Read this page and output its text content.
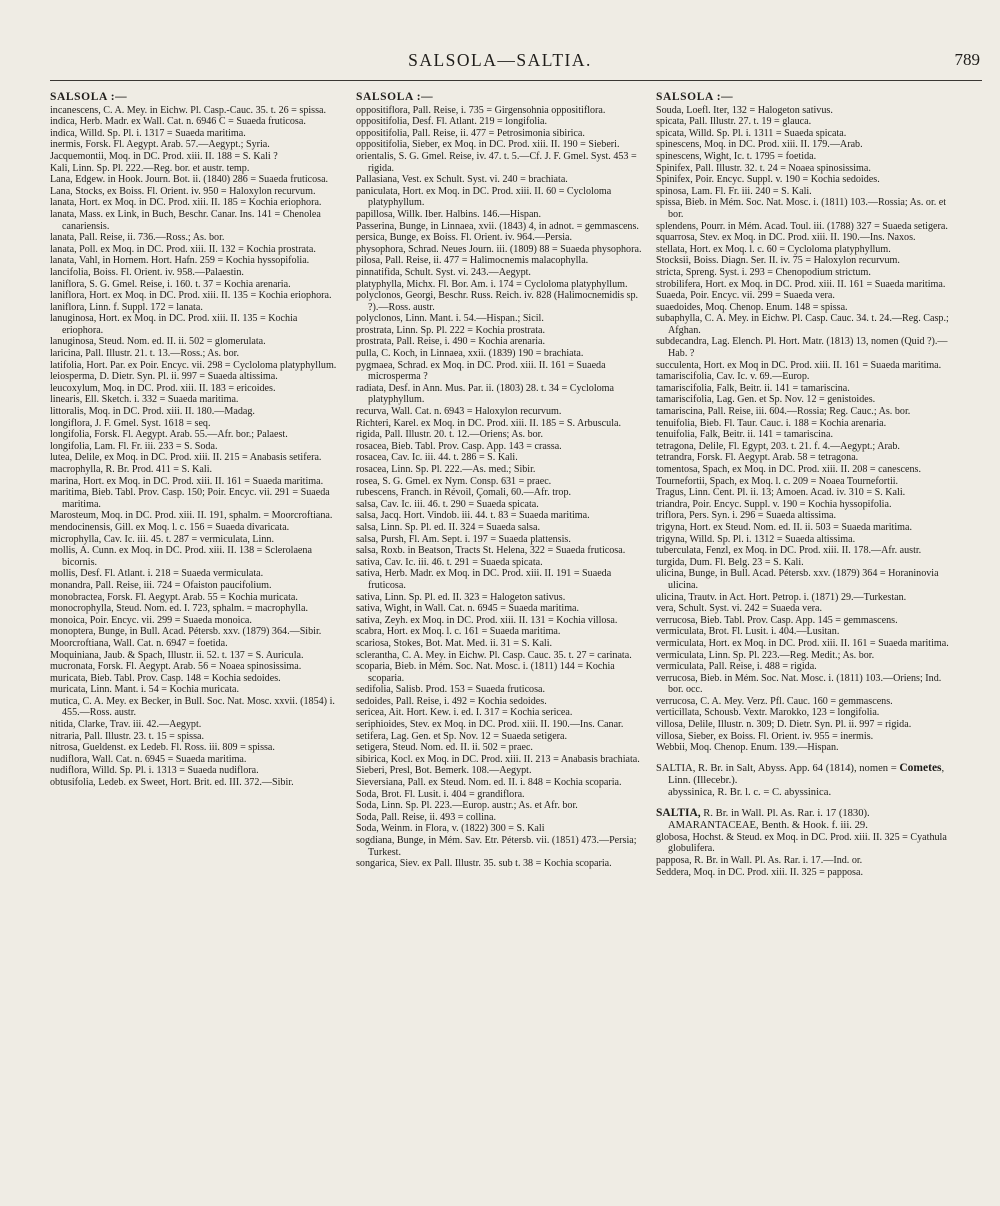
SALSOLA—SALTIA.	789
SALSOLA :—
incanescens, C. A. Mey. in Eichw. Pl. Casp.-Cauc. 35. t. 26 = spissa.
indica, Herb. Madr. ex Wall. Cat. n. 6946 C = Suaeda fruticosa.
indica, Willd. Sp. Pl. i. 1317 = Suaeda maritima.
inermis, Forsk. Fl. Aegypt. Arab. 57.—Aegypt.; Syria.
Jacquemontii, Moq. in DC. Prod. xiii. II. 188 = S. Kali ?
Kali, Linn. Sp. Pl. 222.—Reg. bor. et austr. temp.
Lana, Edgew. in Hook. Journ. Bot. ii. (1840) 286 = Suaeda fruticosa.
Lana, Stocks, ex Boiss. Fl. Orient. iv. 950 = Haloxylon recurvum.
lanata, Hort. ex Moq. in DC. Prod. xiii. II. 185 = Kochia eriophora.
lanata, Mass. ex Link, in Buch, Beschr. Canar. Ins. 141 = Chenolea canariensis.
lanata, Pall. Reise, ii. 736.—Ross.; As. bor.
lanata, Poll. ex Moq. in DC. Prod. xiii. II. 132 = Kochia prostrata.
lanata, Vahl, in Hornem. Hort. Hafn. 259 = Kochia hyssopifolia.
lancifolia, Boiss. Fl. Orient. iv. 958.—Palaestin.
laniflora, S. G. Gmel. Reise, i. 160. t. 37 = Kochia arenaria.
laniflora, Hort. ex Moq. in DC. Prod. xiii. II. 135 = Kochia eriophora.
laniflora, Linn. f. Suppl. 172 = lanata.
lanuginosa, Hort. ex Moq. in DC. Prod. xiii. II. 135 = Kochia eriophora.
lanuginosa, Steud. Nom. ed. II. ii. 502 = glomerulata.
laricina, Pall. Illustr. 21. t. 13.—Ross.; As. bor.
latifolia, Hort. Par. ex Poir. Encyc. vii. 298 = Cycloloma platyphyllum.
leiosperma, D. Dietr. Syn. Pl. ii. 997 = Suaeda altissima.
leucoxylum, Moq. in DC. Prod. xiii. II. 183 = ericoides.
linearis, Ell. Sketch. i. 332 = Suaeda maritima.
littoralis, Moq. in DC. Prod. xiii. II. 180.—Madag.
longiflora, J. F. Gmel. Syst. 1618 = seq.
longifolia, Forsk. Fl. Aegypt. Arab. 55.—Afr. bor.; Palaest.
longifolia, Lam. Fl. Fr. iii. 233 = S. Soda.
lutea, Delile, ex Moq. in DC. Prod. xiii. II. 215 = Anabasis setifera.
macrophylla, R. Br. Prod. 411 = S. Kali.
marina, Hort. ex Moq. in DC. Prod. xiii. II. 161 = Suaeda maritima.
maritima, Bieb. Tabl. Prov. Casp. 150; Poir. Encyc. vii. 291 = Suaeda maritima.
Marosteum, Moq. in DC. Prod. xiii. II. 191, sphalm. = Moorcroftiana.
mendocinensis, Gill. ex Moq. l. c. 156 = Suaeda divaricata.
microphylla, Cav. Ic. iii. 45. t. 287 = vermiculata, Linn.
mollis, A. Cunn. ex Moq. in DC. Prod. xiii. II. 138 = Sclerolaena bicornis.
mollis, Desf. Fl. Atlant. i. 218 = Suaeda vermiculata.
monandra, Pall. Reise, iii. 724 = Ofaiston paucifolium.
monobractea, Forsk. Fl. Aegypt. Arab. 55 = Kochia muricata.
monocrophylla, Steud. Nom. ed. I. 723, sphalm. = macrophylla.
monoica, Poir. Encyc. vii. 299 = Suaeda monoica.
monoptera, Bunge, in Bull. Acad. Pétersb. xxv. (1879) 364.—Sibir.
Moorcroftiana, Wall. Cat. n. 6947 = foetida.
Moquiniana, Jaub. & Spach, Illustr. ii. 52. t. 137 = S. Auricula.
mucronata, Forsk. Fl. Aegypt. Arab. 56 = Noaea spinosissima.
muricata, Bieb. Tabl. Prov. Casp. 148 = Kochia sedoides.
muricata, Linn. Mant. i. 54 = Kochia muricata.
mutica, C. A. Mey. ex Becker, in Bull. Soc. Nat. Mosc. xxvii. (1854) i. 455.—Ross. austr.
nitida, Clarke, Trav. iii. 42.—Aegypt.
nitraria, Pall. Illustr. 23. t. 15 = spissa.
nitrosa, Gueldenst. ex Ledeb. Fl. Ross. iii. 809 = spissa.
nudiflora, Wall. Cat. n. 6945 = Suaeda maritima.
nudiflora, Willd. Sp. Pl. i. 1313 = Suaeda nudiflora.
obtusifolia, Ledeb. ex Sweet, Hort. Brit. ed. III. 372.—Sibir.
SALSOLA :—
oppositiflora, Pall. Reise, i. 735 = Girgensohnia oppositiflora.
oppositifolia, Desf. Fl. Atlant. 219 = longifolia.
oppositifolia, Pall. Reise, ii. 477 = Petrosimonia sibirica.
oppositifolia, Sieber, ex Moq. in DC. Prod. xiii. II. 190 = Sieberi.
orientalis, S. G. Gmel. Reise, iv. 47. t. 5.—Cf. J. F. Gmel. Syst. 453 = rigida.
Pallasiana, Vest. ex Schult. Syst. vi. 240 = brachiata.
paniculata, Hort. ex Moq. in DC. Prod. xiii. II. 60 = Cycloloma platyphyllum.
papillosa, Willk. Iber. Halbins. 146.—Hispan.
Passerina, Bunge, in Linnaea, xvii. (1843) 4, in adnot. = gemmascens.
persica, Bunge, ex Boiss. Fl. Orient. iv. 964.—Persia.
physophora, Schrad. Neues Journ. iii. (1809) 88 = Suaeda physophora.
pilosa, Pall. Reise, ii. 477 = Halimocnemis malacophylla.
pinnatifida, Schult. Syst. vi. 243.—Aegypt.
platyphylla, Michx. Fl. Bor. Am. i. 174 = Cycloloma platyphyllum.
polyclonos, Georgi, Beschr. Russ. Reich. iv. 828 (Halimocnemidis sp. ?).—Ross. austr.
polyclonos, Linn. Mant. i. 54.—Hispan.; Sicil.
prostrata, Linn. Sp. Pl. 222 = Kochia prostrata.
prostrata, Pall. Reise, i. 490 = Kochia arenaria.
pulla, C. Koch, in Linnaea, xxii. (1839) 190 = brachiata.
pygmaea, Schrad. ex Moq. in DC. Prod. xiii. II. 161 = Suaeda microsperma ?
radiata, Desf. in Ann. Mus. Par. ii. (1803) 28. t. 34 = Cycloloma platyphyllum.
recurva, Wall. Cat. n. 6943 = Haloxylon recurvum.
Richteri, Karel. ex Moq. in DC. Prod. xiii. II. 185 = S. Arbuscula.
rigida, Pall. Illustr. 20. t. 12.—Oriens; As. bor.
rosacea, Bieb. Tabl. Prov. Casp. App. 143 = crassa.
rosacea, Cav. Ic. iii. 44. t. 286 = S. Kali.
rosacea, Linn. Sp. Pl. 222.—As. med.; Sibir.
rosea, S. G. Gmel. ex Nym. Consp. 631 = praec.
rubescens, Franch. in Révoil, Çomali, 60.—Afr. trop.
salsa, Cav. Ic. iii. 46. t. 290 = Suaeda spicata.
salsa, Jacq. Hort. Vindob. iii. 44. t. 83 = Suaeda maritima.
salsa, Linn. Sp. Pl. ed. II. 324 = Suaeda salsa.
salsa, Pursh, Fl. Am. Sept. i. 197 = Suaeda plattensis.
salsa, Roxb. in Beatson, Tracts St. Helena, 322 = Suaeda fruticosa.
sativa, Cav. Ic. iii. 46. t. 291 = Suaeda spicata.
sativa, Herb. Madr. ex Moq. in DC. Prod. xiii. II. 191 = Suaeda fruticosa.
sativa, Linn. Sp. Pl. ed. II. 323 = Halogeton sativus.
sativa, Wight, in Wall. Cat. n. 6945 = Suaeda maritima.
sativa, Zeyh. ex Moq. in DC. Prod. xiii. II. 131 = Kochia villosa.
scabra, Hort. ex Moq. l. c. 161 = Suaeda maritima.
scariosa, Stokes, Bot. Mat. Med. ii. 31 = S. Kali.
sclerantha, C. A. Mey. in Eichw. Pl. Casp. Cauc. 35. t. 27 = carinata.
scoparia, Bieb. in Mém. Soc. Nat. Mosc. i. (1811) 144 = Kochia scoparia.
sedifolia, Salisb. Prod. 153 = Suaeda fruticosa.
sedoides, Pall. Reise, i. 492 = Kochia sedoides.
sericea, Ait. Hort. Kew. i. ed. I. 317 = Kochia sericea.
seriphioides, Stev. ex Moq. in DC. Prod. xiii. II. 190.—Ins. Canar.
setifera, Lag. Gen. et Sp. Nov. 12 = Suaeda setigera.
setigera, Steud. Nom. ed. II. ii. 502 = praec.
sibirica, Kocl. ex Moq. in DC. Prod. xiii. II. 213 = Anabasis brachiata.
Sieberi, Presl, Bot. Bemerk. 108.—Aegypt.
Sieversiana, Pall. ex Steud. Nom. ed. II. i. 848 = Kochia scoparia.
Soda, Brot. Fl. Lusit. i. 404 = grandiflora.
Soda, Linn. Sp. Pl. 223.—Europ. austr.; As. et Afr. bor.
Soda, Pall. Reise, ii. 493 = collina.
Soda, Weinm. in Flora, v. (1822) 300 = S. Kali
sogdiana, Bunge, in Mém. Sav. Etr. Pétersb. vii. (1851) 473.—Persia; Turkest.
songarica, Siev. ex Pall. Illustr. 35. sub t. 38 = Kochia scoparia.
SALSOLA :—
Souda, Loefl. Iter, 132 = Halogeton sativus.
spicata, Pall. Illustr. 27. t. 19 = glauca.
spicata, Willd. Sp. Pl. i. 1311 = Suaeda spicata.
spinescens, Moq. in DC. Prod. xiii. II. 179.—Arab.
spinescens, Wight, Ic. t. 1795 = foetida.
Spinifex, Pall. Illustr. 32. t. 24 = Noaea spinosissima.
Spinifex, Poir. Encyc. Suppl. v. 190 = Kochia sedoides.
spinosa, Lam. Fl. Fr. iii. 240 = S. Kali.
spissa, Bieb. in Mém. Soc. Nat. Mosc. i. (1811) 103.—Rossia; As. or. et bor.
splendens, Pourr. in Mém. Acad. Toul. iii. (1788) 327 = Suaeda setigera.
squarrosa, Stev. ex Moq. in DC. Prod. xiii. II. 190.—Ins. Naxos.
stellata, Hort. ex Moq. l. c. 60 = Cycloloma platyphyllum.
Stocksii, Boiss. Diagn. Ser. II. iv. 75 = Haloxylon recurvum.
stricta, Spreng. Syst. i. 293 = Chenopodium strictum.
strobilifera, Hort. ex Moq. in DC. Prod. xiii. II. 161 = Suaeda maritima.
Suaeda, Poir. Encyc. vii. 299 = Suaeda vera.
suaedoides, Moq. Chenop. Enum. 148 = spissa.
subaphylla, C. A. Mey. in Eichw. Pl. Casp. Cauc. 34. t. 24.—Reg. Casp.; Afghan.
subdecandra, Lag. Elench. Pl. Hort. Matr. (1813) 13, nomen (Quid ?).—Hab. ?
succulenta, Hort. ex Moq in DC. Prod. xiii. II. 161 = Suaeda maritima.
tamariscifolia, Cav. Ic. v. 69.—Europ.
tamariscifolia, Falk, Beitr. ii. 141 = tamariscina.
tamariscifolia, Lag. Gen. et Sp. Nov. 12 = genistoides.
tamariscina, Pall. Reise, iii. 604.—Rossia; Reg. Cauc.; As. bor.
tenuifolia, Bieb. Fl. Taur. Cauc. i. 188 = Kochia arenaria.
tenuifolia, Falk, Beitr. ii. 141 = tamariscina.
tetragona, Delile, Fl. Egypt, 203. t. 21. f. 4.—Aegypt.; Arab.
tetrandra, Forsk. Fl. Aegypt. Arab. 58 = tetragona.
tomentosa, Spach, ex Moq. in DC. Prod. xiii. II. 208 = canescens.
Tournefortii, Spach, ex Moq. l. c. 209 = Noaea Tournefortii.
Tragus, Linn. Cent. Pl. ii. 13; Amoen. Acad. iv. 310 = S. Kali.
triandra, Poir. Encyc. Suppl. v. 190 = Kochia hyssopifolia.
triflora, Pers. Syn. i. 296 = Suaeda altissima.
trigyna, Hort. ex Steud. Nom. ed. II. ii. 503 = Suaeda maritima.
trigyna, Willd. Sp. Pl. i. 1312 = Suaeda altissima.
tuberculata, Fenzl, ex Moq. in DC. Prod. xiii. II. 178.—Afr. austr.
turgida, Dum. Fl. Belg. 23 = S. Kali.
ulicina, Bunge, in Bull. Acad. Pétersb. xxv. (1879) 364 = Horaninovia ulicina.
ulicina, Trautv. in Act. Hort. Petrop. i. (1871) 29.—Turkestan.
vera, Schult. Syst. vi. 242 = Suaeda vera.
verrucosa, Bieb. Tabl. Prov. Casp. App. 145 = gemmascens.
vermiculata, Brot. Fl. Lusit. i. 404.—Lusitan.
vermiculata, Hort. ex Moq. in DC. Prod. xiii. II. 161 = Suaeda maritima.
vermiculata, Linn. Sp. Pl. 223.—Reg. Medit.; As. bor.
vermiculata, Pall. Reise, i. 488 = rigida.
verrucosa, Bieb. in Mém. Soc. Nat. Mosc. i. (1811) 103.—Oriens; Ind. bor. occ.
verrucosa, C. A. Mey. Verz. Pfl. Cauc. 160 = gemmascens.
verticillata, Schousb. Vextr. Marokko, 123 = longifolia.
villosa, Delile, Illustr. n. 309; D. Dietr. Syn. Pl. ii. 997 = rigida.
villosa, Sieber, ex Boiss. Fl. Orient. iv. 955 = inermis.
Webbii, Moq. Chenop. Enum. 139.—Hispan.
SALTIA, R. Br. in Salt, Abyss. App. 64 (1814), nomen = Cometes, Linn. (Illecebr.).
abyssinica, R. Br. l. c. = C. abyssinica.
SALTIA, R. Br. in Wall. Pl. As. Rar. i. 17 (1830). AMARANTACEAE, Benth. & Hook. f. iii. 29.
globosa, Hochst. & Steud. ex Moq. in DC. Prod. xiii. II. 325 = Cyathula globulifera.
papposa, R. Br. in Wall. Pl. As. Rar. i. 17.—Ind. or.
Seddera, Moq. in DC. Prod. xiii. II. 325 = papposa.
